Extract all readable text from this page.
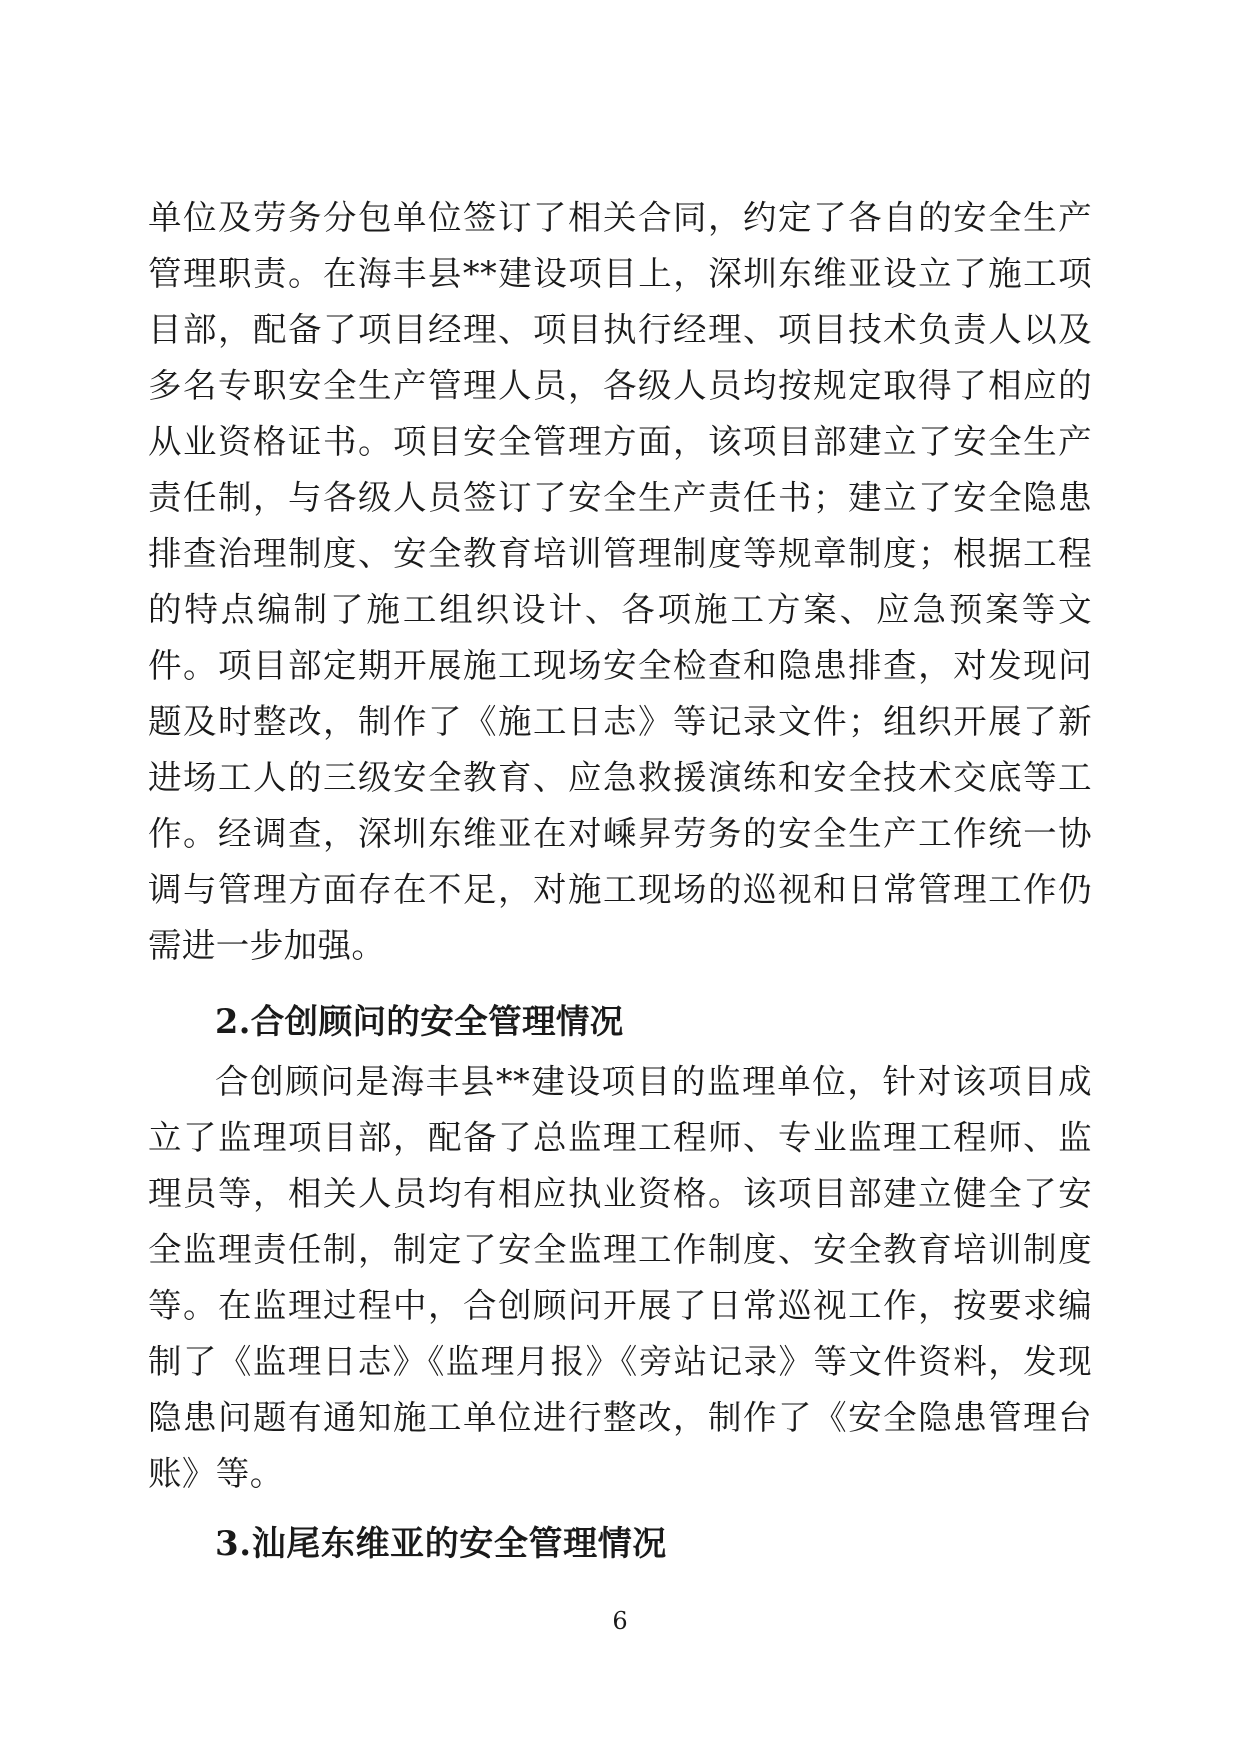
单位及劳务分包单位签订了相关合同，约定了各自的安全生产管理职责。在海丰县**建设项目上，深圳东维亚设立了施工项目部，配备了项目经理、项目执行经理、项目技术负责人以及多名专职安全生产管理人员，各级人员均按规定取得了相应的从业资格证书。项目安全管理方面，该项目部建立了安全生产责任制，与各级人员签订了安全生产责任书；建立了安全隐患排查治理制度、安全教育培训管理制度等规章制度；根据工程的特点编制了施工组织设计、各项施工方案、应急预案等文件。项目部定期开展施工现场安全检查和隐患排查，对发现问题及时整改，制作了《施工日志》等记录文件；组织开展了新进场工人的三级安全教育、应急救援演练和安全技术交底等工作。经调查，深圳东维亚在对嵊昇劳务的安全生产工作统一协调与管理方面存在不足，对施工现场的巡视和日常管理工作仍需进一步加强。

2.合创顾问的安全管理情况

合创顾问是海丰县**建设项目的监理单位，针对该项目成立了监理项目部，配备了总监理工程师、专业监理工程师、监理员等，相关人员均有相应执业资格。该项目部建立健全了安全监理责任制，制定了安全监理工作制度、安全教育培训制度等。在监理过程中，合创顾问开展了日常巡视工作，按要求编制了《监理日志》《监理月报》《旁站记录》等文件资料，发现隐患问题有通知施工单位进行整改，制作了《安全隐患管理台账》等。

3.汕尾东维亚的安全管理情况
6
